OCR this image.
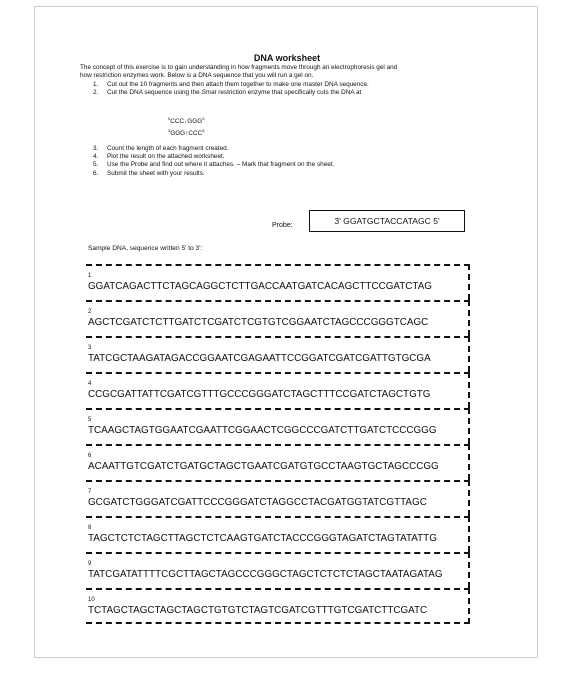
DNA worksheet
The concept of this exercise is to gain understanding in how fragments move through an electrophoresis gel and
how restriction enzymes work. Below is a DNA sequence that you will run a gel on.
1.	Cut out the 10 fragments and then attach them together to make one master DNA sequence.
2.	Cut the DNA sequence using the SmaI restriction enzyme that specifically cuts the DNA at
$^5$CCC↓GGG$^3$
$^3$GGG↑CCC$^5$
3.	Count the length of each fragment created.
4.	Plot the result on the attached worksheet.
5.	Use the Probe and find out where it attaches. – Mark that fragment on the sheet.
6.	Submit the sheet with your results.
Probe:	3' GGATGCTACCATAGC 5'
Sample DNA, sequence written 5' to 3':
1
GGATCAGACTTCTAGCAGGCTCTTGACCAATGATCACAGCTTCCGATCTAG
2
AGCTCGATCTCTTGATCTCGATCTCGTGTCGGAATCTAGCCCGGGTCAGC
3
TATCGCTAAGATAGACCGGAATCGAGAATTCCGGATCGATCGATTGTGCGA
4
CCGCGATTATTCGATCGTTTGCCCGGGATCTAGCTTTCCGATCTAGCTGTG
5
TCAAGCTAGTGGAATCGAATTCGGAACTCGGCCCGATCTTGATCTCCCGGG
6
ACAATTGTCGATCTGATGCTAGCTGAATCGATGTGCCTAAGTGCTAGCCCGG
7
GCGATCTGGGATCGATTCCCGGGATCTAGGCCTACGATGGTATCGTTAGC
8
TAGCTCTCTAGCTTAGCTCTCAAGTGATCTACCCGGGTAGATCTAGTATATTG
9
TATCGATATTTTCGCTTAGCTAGCCCGGGCTAGCTCTCTCTAGCTAATAGATAG
10
TCTAGCTAGCTAGCTAGCTGTGTCTAGTCGATCGTTTGTCGATCTTCGATC
